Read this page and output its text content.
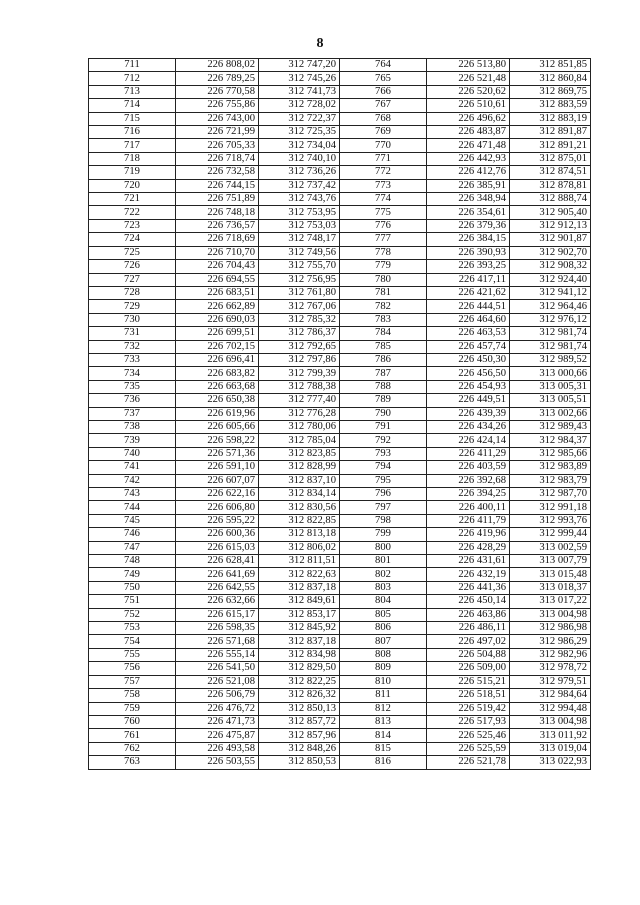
8
711	226 808,02	312 747,20	764	226 513,80	312 851,85
712	226 789,25	312 745,26	765	226 521,48	312 860,84
713	226 770,58	312 741,73	766	226 520,62	312 869,75
714	226 755,86	312 728,02	767	226 510,61	312 883,59
715	226 743,00	312 722,37	768	226 496,62	312 883,19
716	226 721,99	312 725,35	769	226 483,87	312 891,87
717	226 705,33	312 734,04	770	226 471,48	312 891,21
718	226 718,74	312 740,10	771	226 442,93	312 875,01
719	226 732,58	312 736,26	772	226 412,76	312 874,51
720	226 744,15	312 737,42	773	226 385,91	312 878,81
721	226 751,89	312 743,76	774	226 348,94	312 888,74
722	226 748,18	312 753,95	775	226 354,61	312 905,40
723	226 736,57	312 753,03	776	226 379,36	312 912,13
724	226 718,69	312 748,17	777	226 384,15	312 901,87
725	226 710,70	312 749,56	778	226 390,93	312 902,70
726	226 704,43	312 755,70	779	226 393,25	312 908,32
727	226 694,55	312 756,95	780	226 417,11	312 924,40
728	226 683,51	312 761,80	781	226 421,62	312 941,12
729	226 662,89	312 767,06	782	226 444,51	312 964,46
730	226 690,03	312 785,32	783	226 464,60	312 976,12
731	226 699,51	312 786,37	784	226 463,53	312 981,74
732	226 702,15	312 792,65	785	226 457,74	312 981,74
733	226 696,41	312 797,86	786	226 450,30	312 989,52
734	226 683,82	312 799,39	787	226 456,50	313 000,66
735	226 663,68	312 788,38	788	226 454,93	313 005,31
736	226 650,38	312 777,40	789	226 449,51	313 005,51
737	226 619,96	312 776,28	790	226 439,39	313 002,66
738	226 605,66	312 780,06	791	226 434,26	312 989,43
739	226 598,22	312 785,04	792	226 424,14	312 984,37
740	226 571,36	312 823,85	793	226 411,29	312 985,66
741	226 591,10	312 828,99	794	226 403,59	312 983,89
742	226 607,07	312 837,10	795	226 392,68	312 983,79
743	226 622,16	312 834,14	796	226 394,25	312 987,70
744	226 606,80	312 830,56	797	226 400,11	312 991,18
745	226 595,22	312 822,85	798	226 411,79	312 993,76
746	226 600,36	312 813,18	799	226 419,96	312 999,44
747	226 615,03	312 806,02	800	226 428,29	313 002,59
748	226 628,41	312 811,51	801	226 431,61	313 007,79
749	226 641,69	312 822,63	802	226 432,19	313 015,48
750	226 642,55	312 837,18	803	226 441,36	313 018,37
751	226 632,66	312 849,61	804	226 450,14	313 017,22
752	226 615,17	312 853,17	805	226 463,86	313 004,98
753	226 598,35	312 845,92	806	226 486,11	312 986,98
754	226 571,68	312 837,18	807	226 497,02	312 986,29
755	226 555,14	312 834,98	808	226 504,88	312 982,96
756	226 541,50	312 829,50	809	226 509,00	312 978,72
757	226 521,08	312 822,25	810	226 515,21	312 979,51
758	226 506,79	312 826,32	811	226 518,51	312 984,64
759	226 476,72	312 850,13	812	226 519,42	312 994,48
760	226 471,73	312 857,72	813	226 517,93	313 004,98
761	226 475,87	312 857,96	814	226 525,46	313 011,92
762	226 493,58	312 848,26	815	226 525,59	313 019,04
763	226 503,55	312 850,53	816	226 521,78	313 022,93
